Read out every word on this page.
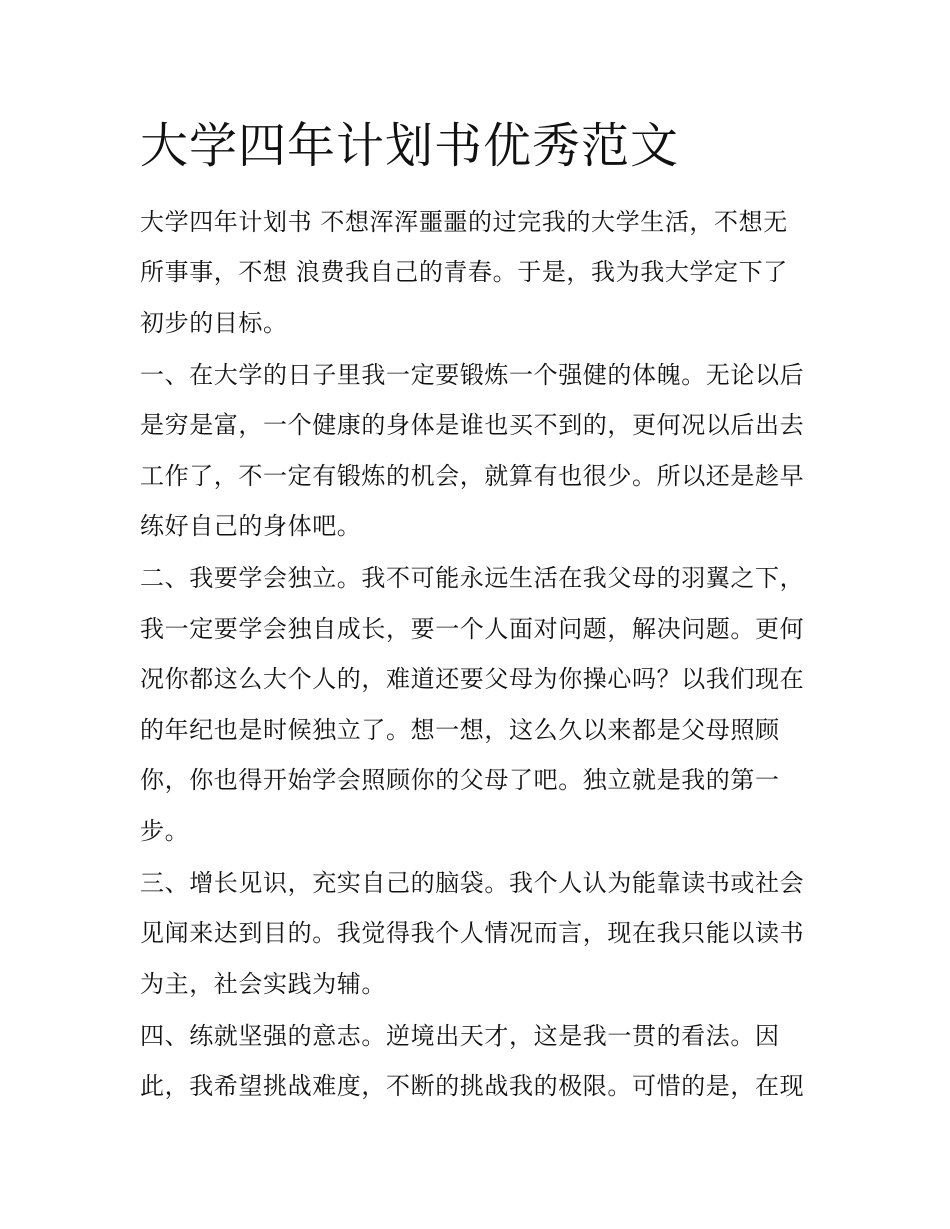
大学四年计划书优秀范文

大学四年计划书 不想浑浑噩噩的过完我的大学生活，不想无

所事事，不想 浪费我自己的青春。于是，我为我大学定下了

初步的目标。

一、在大学的日子里我一定要锻炼一个强健的体魄。无论以后

是穷是富，一个健康的身体是谁也买不到的，更何况以后出去

工作了，不一定有锻炼的机会，就算有也很少。所以还是趁早

练好自己的身体吧。

二、我要学会独立。我不可能永远生活在我父母的羽翼之下，

我一定要学会独自成长，要一个人面对问题，解决问题。更何

况你都这么大个人的，难道还要父母为你操心吗？以我们现在

的年纪也是时候独立了。想一想，这么久以来都是父母照顾

你，你也得开始学会照顾你的父母了吧。独立就是我的第一

步。

三、增长见识，充实自己的脑袋。我个人认为能靠读书或社会

见闻来达到目的。我觉得我个人情况而言，现在我只能以读书

为主，社会实践为辅。

四、练就坚强的意志。逆境出天才，这是我一贯的看法。因

此，我希望挑战难度，不断的挑战我的极限。可惜的是，在现
